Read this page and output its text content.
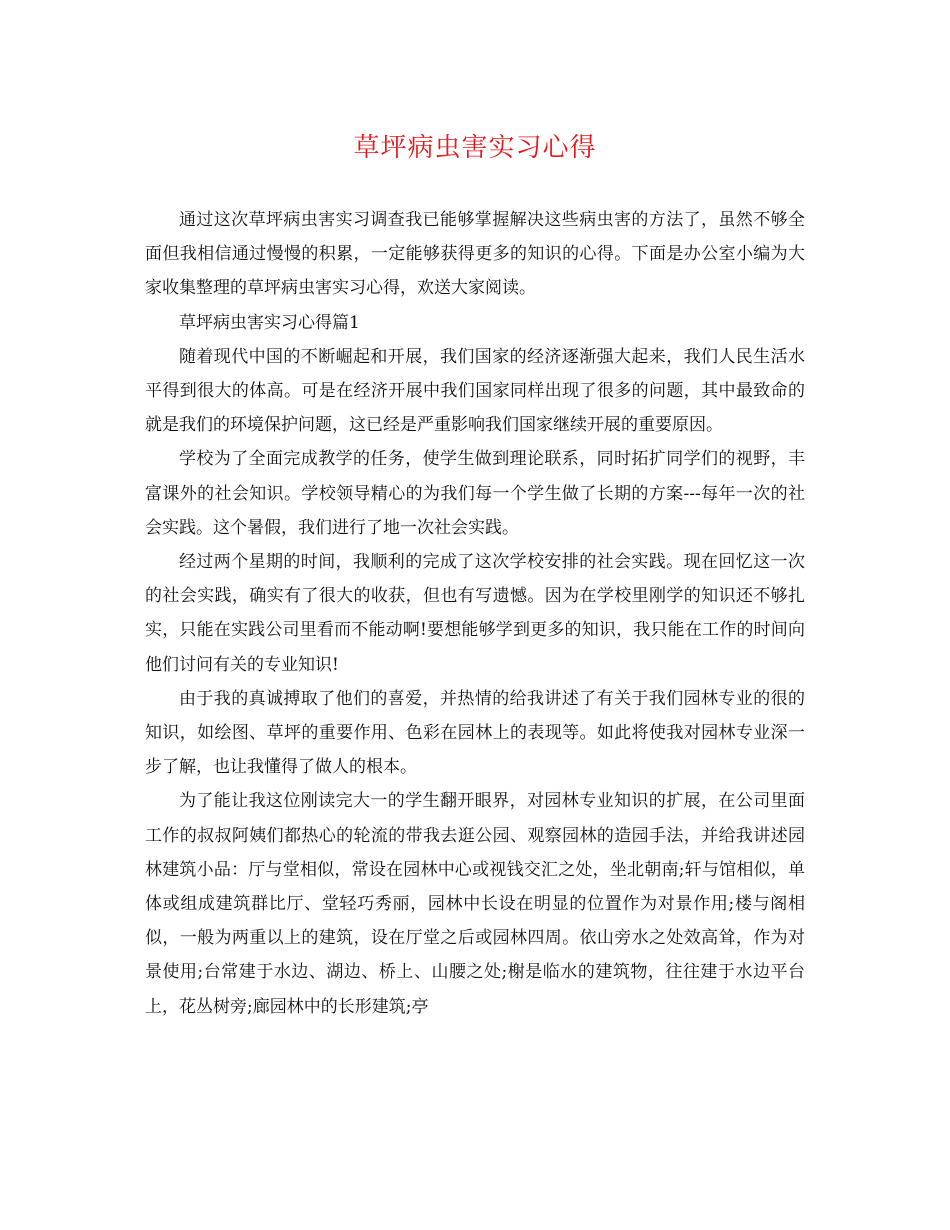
草坪病虫害实习心得

通过这次草坪病虫害实习调查我已能够掌握解决这些病虫害的方法了，虽然不够全面但我相信通过慢慢的积累，一定能够获得更多的知识的心得。下面是办公室小编为大家收集整理的草坪病虫害实习心得，欢送大家阅读。

草坪病虫害实习心得篇1

随着现代中国的不断崛起和开展，我们国家的经济逐渐强大起来，我们人民生活水平得到很大的体高。可是在经济开展中我们国家同样出现了很多的问题，其中最致命的就是我们的环境保护问题，这已经是严重影响我们国家继续开展的重要原因。

学校为了全面完成教学的任务，使学生做到理论联系，同时拓扩同学们的视野，丰富课外的社会知识。学校领导精心的为我们每一个学生做了长期的方案---每年一次的社会实践。这个暑假，我们进行了地一次社会实践。

经过两个星期的时间，我顺利的完成了这次学校安排的社会实践。现在回忆这一次的社会实践，确实有了很大的收获，但也有写遗憾。因为在学校里刚学的知识还不够扎实，只能在实践公司里看而不能动啊!要想能够学到更多的知识，我只能在工作的时间向他们讨问有关的专业知识!

由于我的真诚搏取了他们的喜爱，并热情的给我讲述了有关于我们园林专业的很的知识，如绘图、草坪的重要作用、色彩在园林上的表现等。如此将使我对园林专业深一步了解，也让我懂得了做人的根本。

为了能让我这位刚读完大一的学生翻开眼界，对园林专业知识的扩展，在公司里面工作的叔叔阿姨们都热心的轮流的带我去逛公园、观察园林的造园手法，并给我讲述园林建筑小品：厅与堂相似，常设在园林中心或视钱交汇之处，坐北朝南;轩与馆相似，单体或组成建筑群比厅、堂轻巧秀丽，园林中长设在明显的位置作为对景作用;楼与阁相似，一般为两重以上的建筑，设在厅堂之后或园林四周。依山旁水之处效高耸，作为对景使用;台常建于水边、湖边、桥上、山腰之处;榭是临水的建筑物，往往建于水边平台上，花丛树旁;廊园林中的长形建筑;亭
